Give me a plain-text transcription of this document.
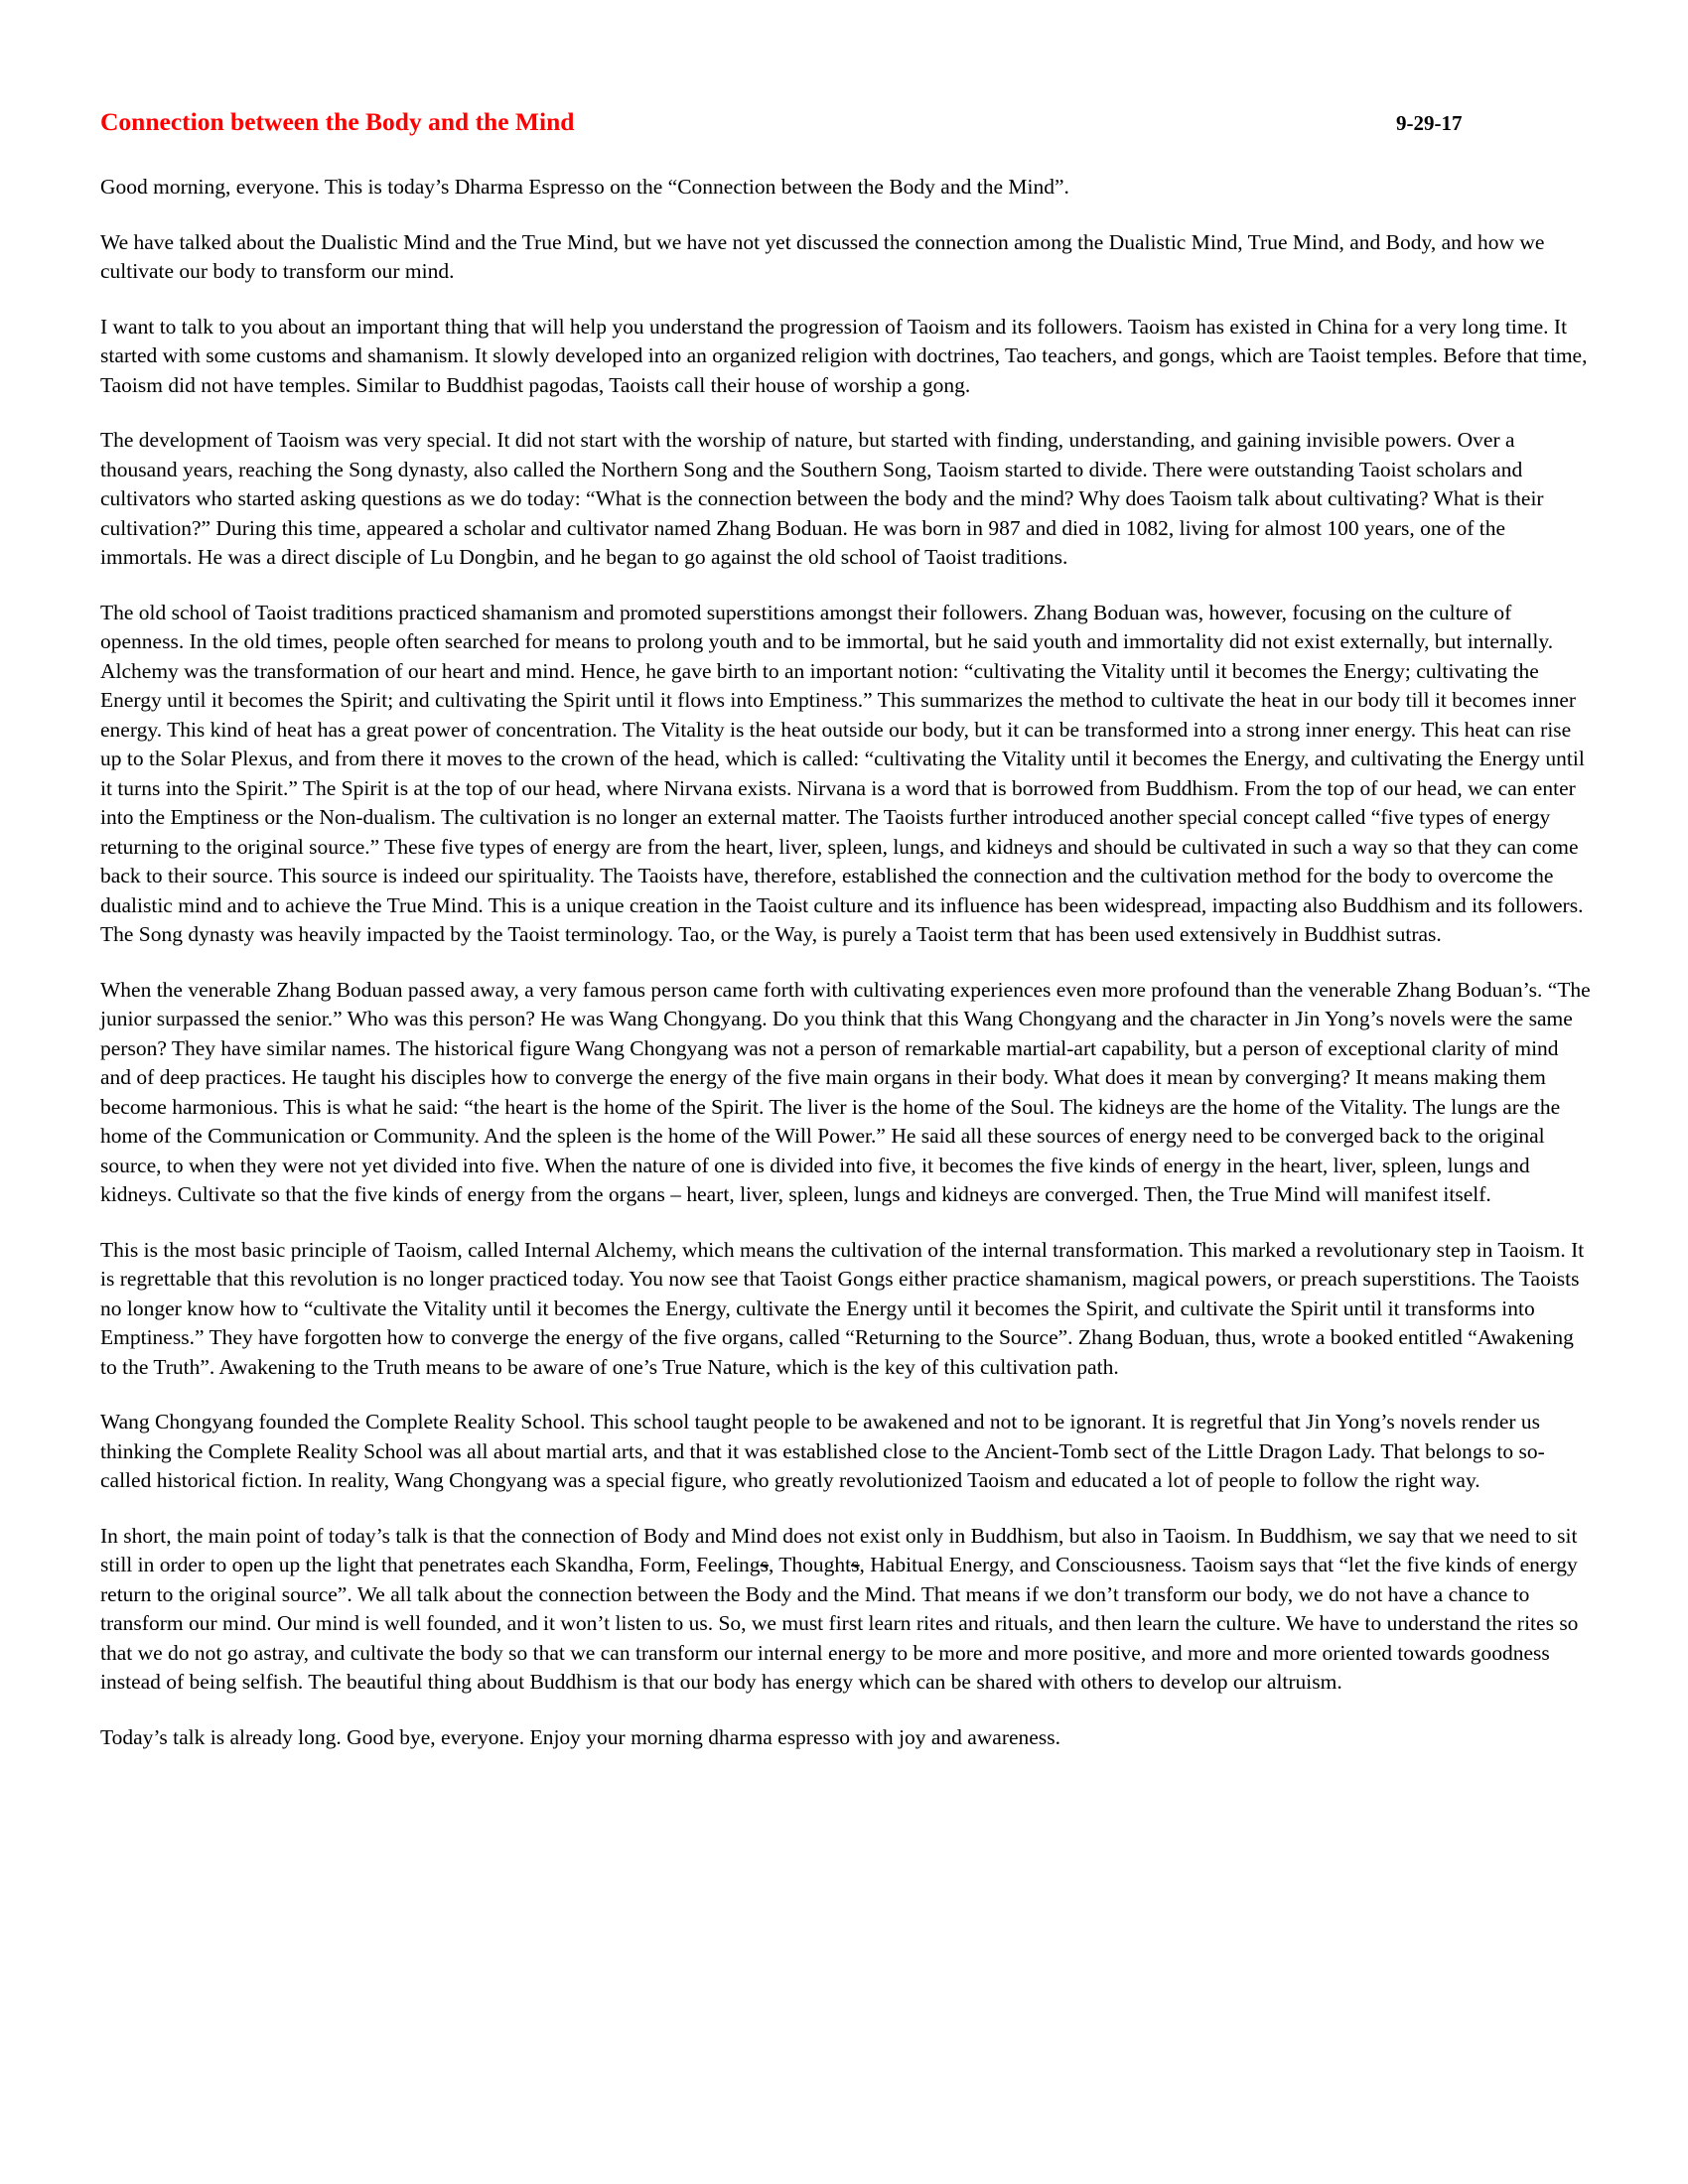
Connection between the Body and the Mind	9-29-17

Good morning, everyone. This is today’s Dharma Espresso on the “Connection between the Body and the Mind”.

We have talked about the Dualistic Mind and the True Mind, but we have not yet discussed the connection among the Dualistic Mind, True Mind, and Body, and how we cultivate our body to transform our mind.

I want to talk to you about an important thing that will help you understand the progression of Taoism and its followers. Taoism has existed in China for a very long time. It started with some customs and shamanism. It slowly developed into an organized religion with doctrines, Tao teachers, and gongs, which are Taoist temples. Before that time, Taoism did not have temples. Similar to Buddhist pagodas, Taoists call their house of worship a gong.

The development of Taoism was very special. It did not start with the worship of nature, but started with finding, understanding, and gaining invisible powers. Over a thousand years, reaching the Song dynasty, also called the Northern Song and the Southern Song, Taoism started to divide. There were outstanding Taoist scholars and cultivators who started asking questions as we do today: “What is the connection between the body and the mind? Why does Taoism talk about cultivating? What is their cultivation?” During this time, appeared a scholar and cultivator named Zhang Boduan. He was born in 987 and died in 1082, living for almost 100 years, one of the immortals. He was a direct disciple of Lu Dongbin, and he began to go against the old school of Taoist traditions.

The old school of Taoist traditions practiced shamanism and promoted superstitions amongst their followers. Zhang Boduan was, however, focusing on the culture of openness. In the old times, people often searched for means to prolong youth and to be immortal, but he said youth and immortality did not exist externally, but internally. Alchemy was the transformation of our heart and mind. Hence, he gave birth to an important notion: “cultivating the Vitality until it becomes the Energy; cultivating the Energy until it becomes the Spirit; and cultivating the Spirit until it flows into Emptiness.” This summarizes the method to cultivate the heat in our body till it becomes inner energy. This kind of heat has a great power of concentration. The Vitality is the heat outside our body, but it can be transformed into a strong inner energy. This heat can rise up to the Solar Plexus, and from there it moves to the crown of the head, which is called: “cultivating the Vitality until it becomes the Energy, and cultivating the Energy until it turns into the Spirit.” The Spirit is at the top of our head, where Nirvana exists. Nirvana is a word that is borrowed from Buddhism. From the top of our head, we can enter into the Emptiness or the Non-dualism. The cultivation is no longer an external matter. The Taoists further introduced another special concept called “five types of energy returning to the original source.” These five types of energy are from the heart, liver, spleen, lungs, and kidneys and should be cultivated in such a way so that they can come back to their source. This source is indeed our spirituality. The Taoists have, therefore, established the connection and the cultivation method for the body to overcome the dualistic mind and to achieve the True Mind. This is a unique creation in the Taoist culture and its influence has been widespread, impacting also Buddhism and its followers. The Song dynasty was heavily impacted by the Taoist terminology. Tao, or the Way, is purely a Taoist term that has been used extensively in Buddhist sutras.

When the venerable Zhang Boduan passed away, a very famous person came forth with cultivating experiences even more profound than the venerable Zhang Boduan’s. “The junior surpassed the senior.” Who was this person? He was Wang Chongyang. Do you think that this Wang Chongyang and the character in Jin Yong’s novels were the same person? They have similar names. The historical figure Wang Chongyang was not a person of remarkable martial-art capability, but a person of exceptional clarity of mind and of deep practices. He taught his disciples how to converge the energy of the five main organs in their body. What does it mean by converging? It means making them become harmonious. This is what he said: “the heart is the home of the Spirit. The liver is the home of the Soul. The kidneys are the home of the Vitality. The lungs are the home of the Communication or Community. And the spleen is the home of the Will Power.” He said all these sources of energy need to be converged back to the original source, to when they were not yet divided into five. When the nature of one is divided into five, it becomes the five kinds of energy in the heart, liver, spleen, lungs and kidneys. Cultivate so that the five kinds of energy from the organs – heart, liver, spleen, lungs and kidneys are converged. Then, the True Mind will manifest itself.

This is the most basic principle of Taoism, called Internal Alchemy, which means the cultivation of the internal transformation. This marked a revolutionary step in Taoism. It is regrettable that this revolution is no longer practiced today. You now see that Taoist Gongs either practice shamanism, magical powers, or preach superstitions. The Taoists no longer know how to “cultivate the Vitality until it becomes the Energy, cultivate the Energy until it becomes the Spirit, and cultivate the Spirit until it transforms into Emptiness.” They have forgotten how to converge the energy of the five organs, called “Returning to the Source”. Zhang Boduan, thus, wrote a booked entitled “Awakening to the Truth”. Awakening to the Truth means to be aware of one’s True Nature, which is the key of this cultivation path.

Wang Chongyang founded the Complete Reality School. This school taught people to be awakened and not to be ignorant. It is regretful that Jin Yong’s novels render us thinking the Complete Reality School was all about martial arts, and that it was established close to the Ancient-Tomb sect of the Little Dragon Lady. That belongs to so-called historical fiction. In reality, Wang Chongyang was a special figure, who greatly revolutionized Taoism and educated a lot of people to follow the right way.

In short, the main point of today’s talk is that the connection of Body and Mind does not exist only in Buddhism, but also in Taoism. In Buddhism, we say that we need to sit still in order to open up the light that penetrates each Skandha, Form, Feelings, Thoughts, Habitual Energy, and Consciousness. Taoism says that “let the five kinds of energy return to the original source”. We all talk about the connection between the Body and the Mind. That means if we don’t transform our body, we do not have a chance to transform our mind. Our mind is well founded, and it won’t listen to us. So, we must first learn rites and rituals, and then learn the culture. We have to understand the rites so that we do not go astray, and cultivate the body so that we can transform our internal energy to be more and more positive, and more and more oriented towards goodness instead of being selfish. The beautiful thing about Buddhism is that our body has energy which can be shared with others to develop our altruism.

Today’s talk is already long. Good bye, everyone. Enjoy your morning dharma espresso with joy and awareness.
